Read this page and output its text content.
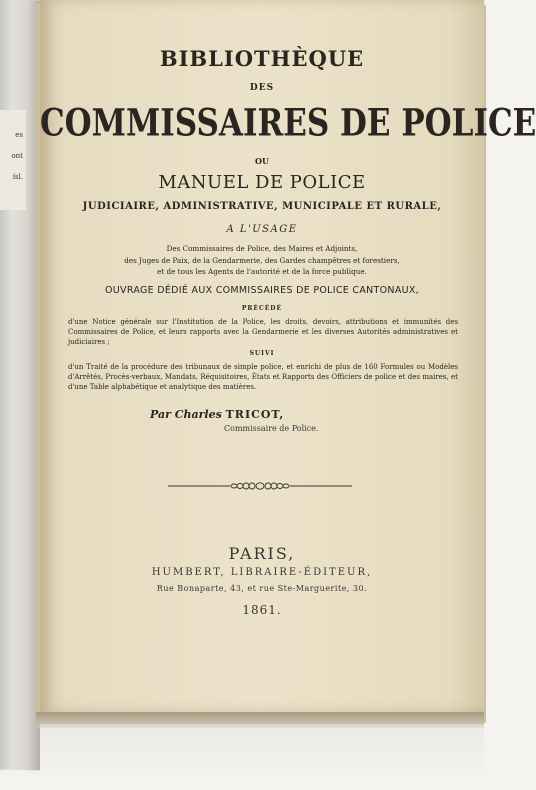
es
ont
ísl.
BIBLIOTHÈQUE
DES
COMMISSAIRES DE POLICE
OU
MANUEL DE POLICE
JUDICIAIRE, ADMINISTRATIVE, MUNICIPALE ET RURALE,
A L'USAGE
Des Commissaires de Police, des Maires et Adjoints,
des Juges de Paix, de la Gendarmerie, des Gardes champêtres et forestiers,
et de tous les Agents de l'autorité et de la force publique.
OUVRAGE DÉDIÉ AUX COMMISSAIRES DE POLICE CANTONAUX,
PRÉCÉDÉ
d'une Notice générale sur l'Institution de la Police, les droits, devoirs, attributions et immunités des Commissaires de Police, et leurs rapports avec la Gendarmerie et les diverses Autorités administratives et judiciaires ;
SUIVI
d'un Traité de la procédure des tribunaux de simple police, et enrichi de plus de 160 Formules ou Modèles d'Arrêtés, Procès-verbaux, Mandats, Réquisitoires, États et Rapports des Officiers de police et des maires, et d'une Table alphabétique et analytique des matières.
Par Charles TRICOT,
Commissaire de Police.
PARIS,
HUMBERT, LIBRAIRE-ÉDITEUR,
Rue Bonaparte, 43, et rue Ste-Marguerite, 30.
1861.
